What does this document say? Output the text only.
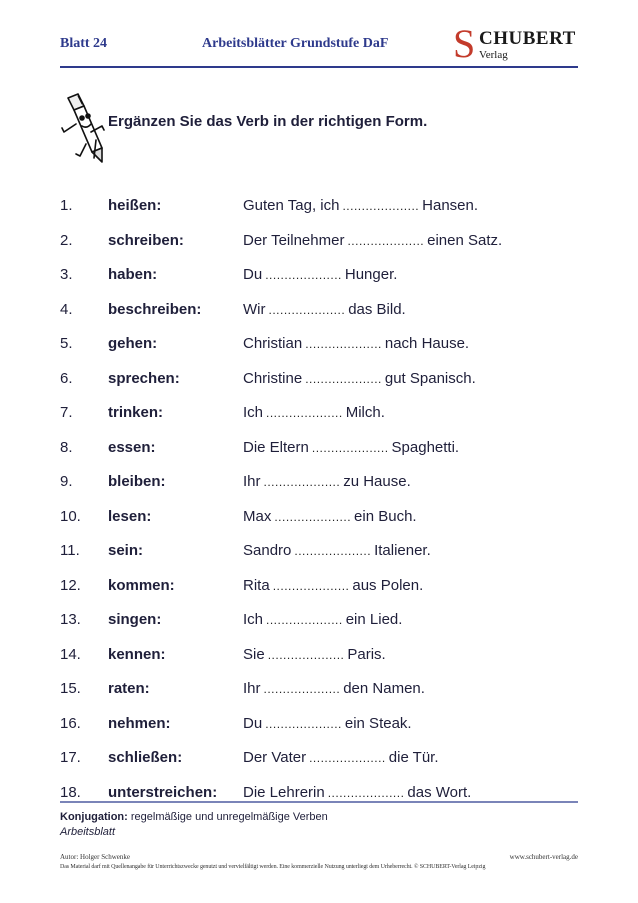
Blatt 24	Arbeitsblätter Grundstufe DaF S CHUBERT
Verlag
Ergänzen Sie das Verb in der richtigen Form.
1. heißen:	Guten Tag, ich .................... Hansen.
2. schreiben:	Der Teilnehmer .................... einen Satz.
3. haben:	Du .................... Hunger.
4. beschreiben:	Wir .................... das Bild.
5. gehen:	Christian .................... nach Hause.
6. sprechen:	Christine .................... gut Spanisch.
7. trinken:	Ich .................... Milch.
8. essen:	Die Eltern .................... Spaghetti.
9. bleiben:	Ihr .................... zu Hause.
10. lesen:	Max .................... ein Buch.
11. sein:	Sandro .................... Italiener.
12. kommen:	Rita .................... aus Polen.
13. singen:	Ich .................... ein Lied.
14. kennen:	Sie .................... Paris.
15. raten:	Ihr .................... den Namen.
16. nehmen:	Du .................... ein Steak.
17. schließen:	Der Vater .................... die Tür.
18. unterstreichen: Die Lehrerin .................... das Wort.
Konjugation: regelmäßige und unregelmäßige Verben
Arbeitsblatt
Autor: Holger Schwenke	www.schubert-verlag.de
Das Material darf mit Quellenangabe für Unterrichtszwecke genutzt und vervielfältigt werden. Eine kommerzielle Nutzung unterliegt dem Urheberrecht. © SCHUBERT-Verlag Leipzig
